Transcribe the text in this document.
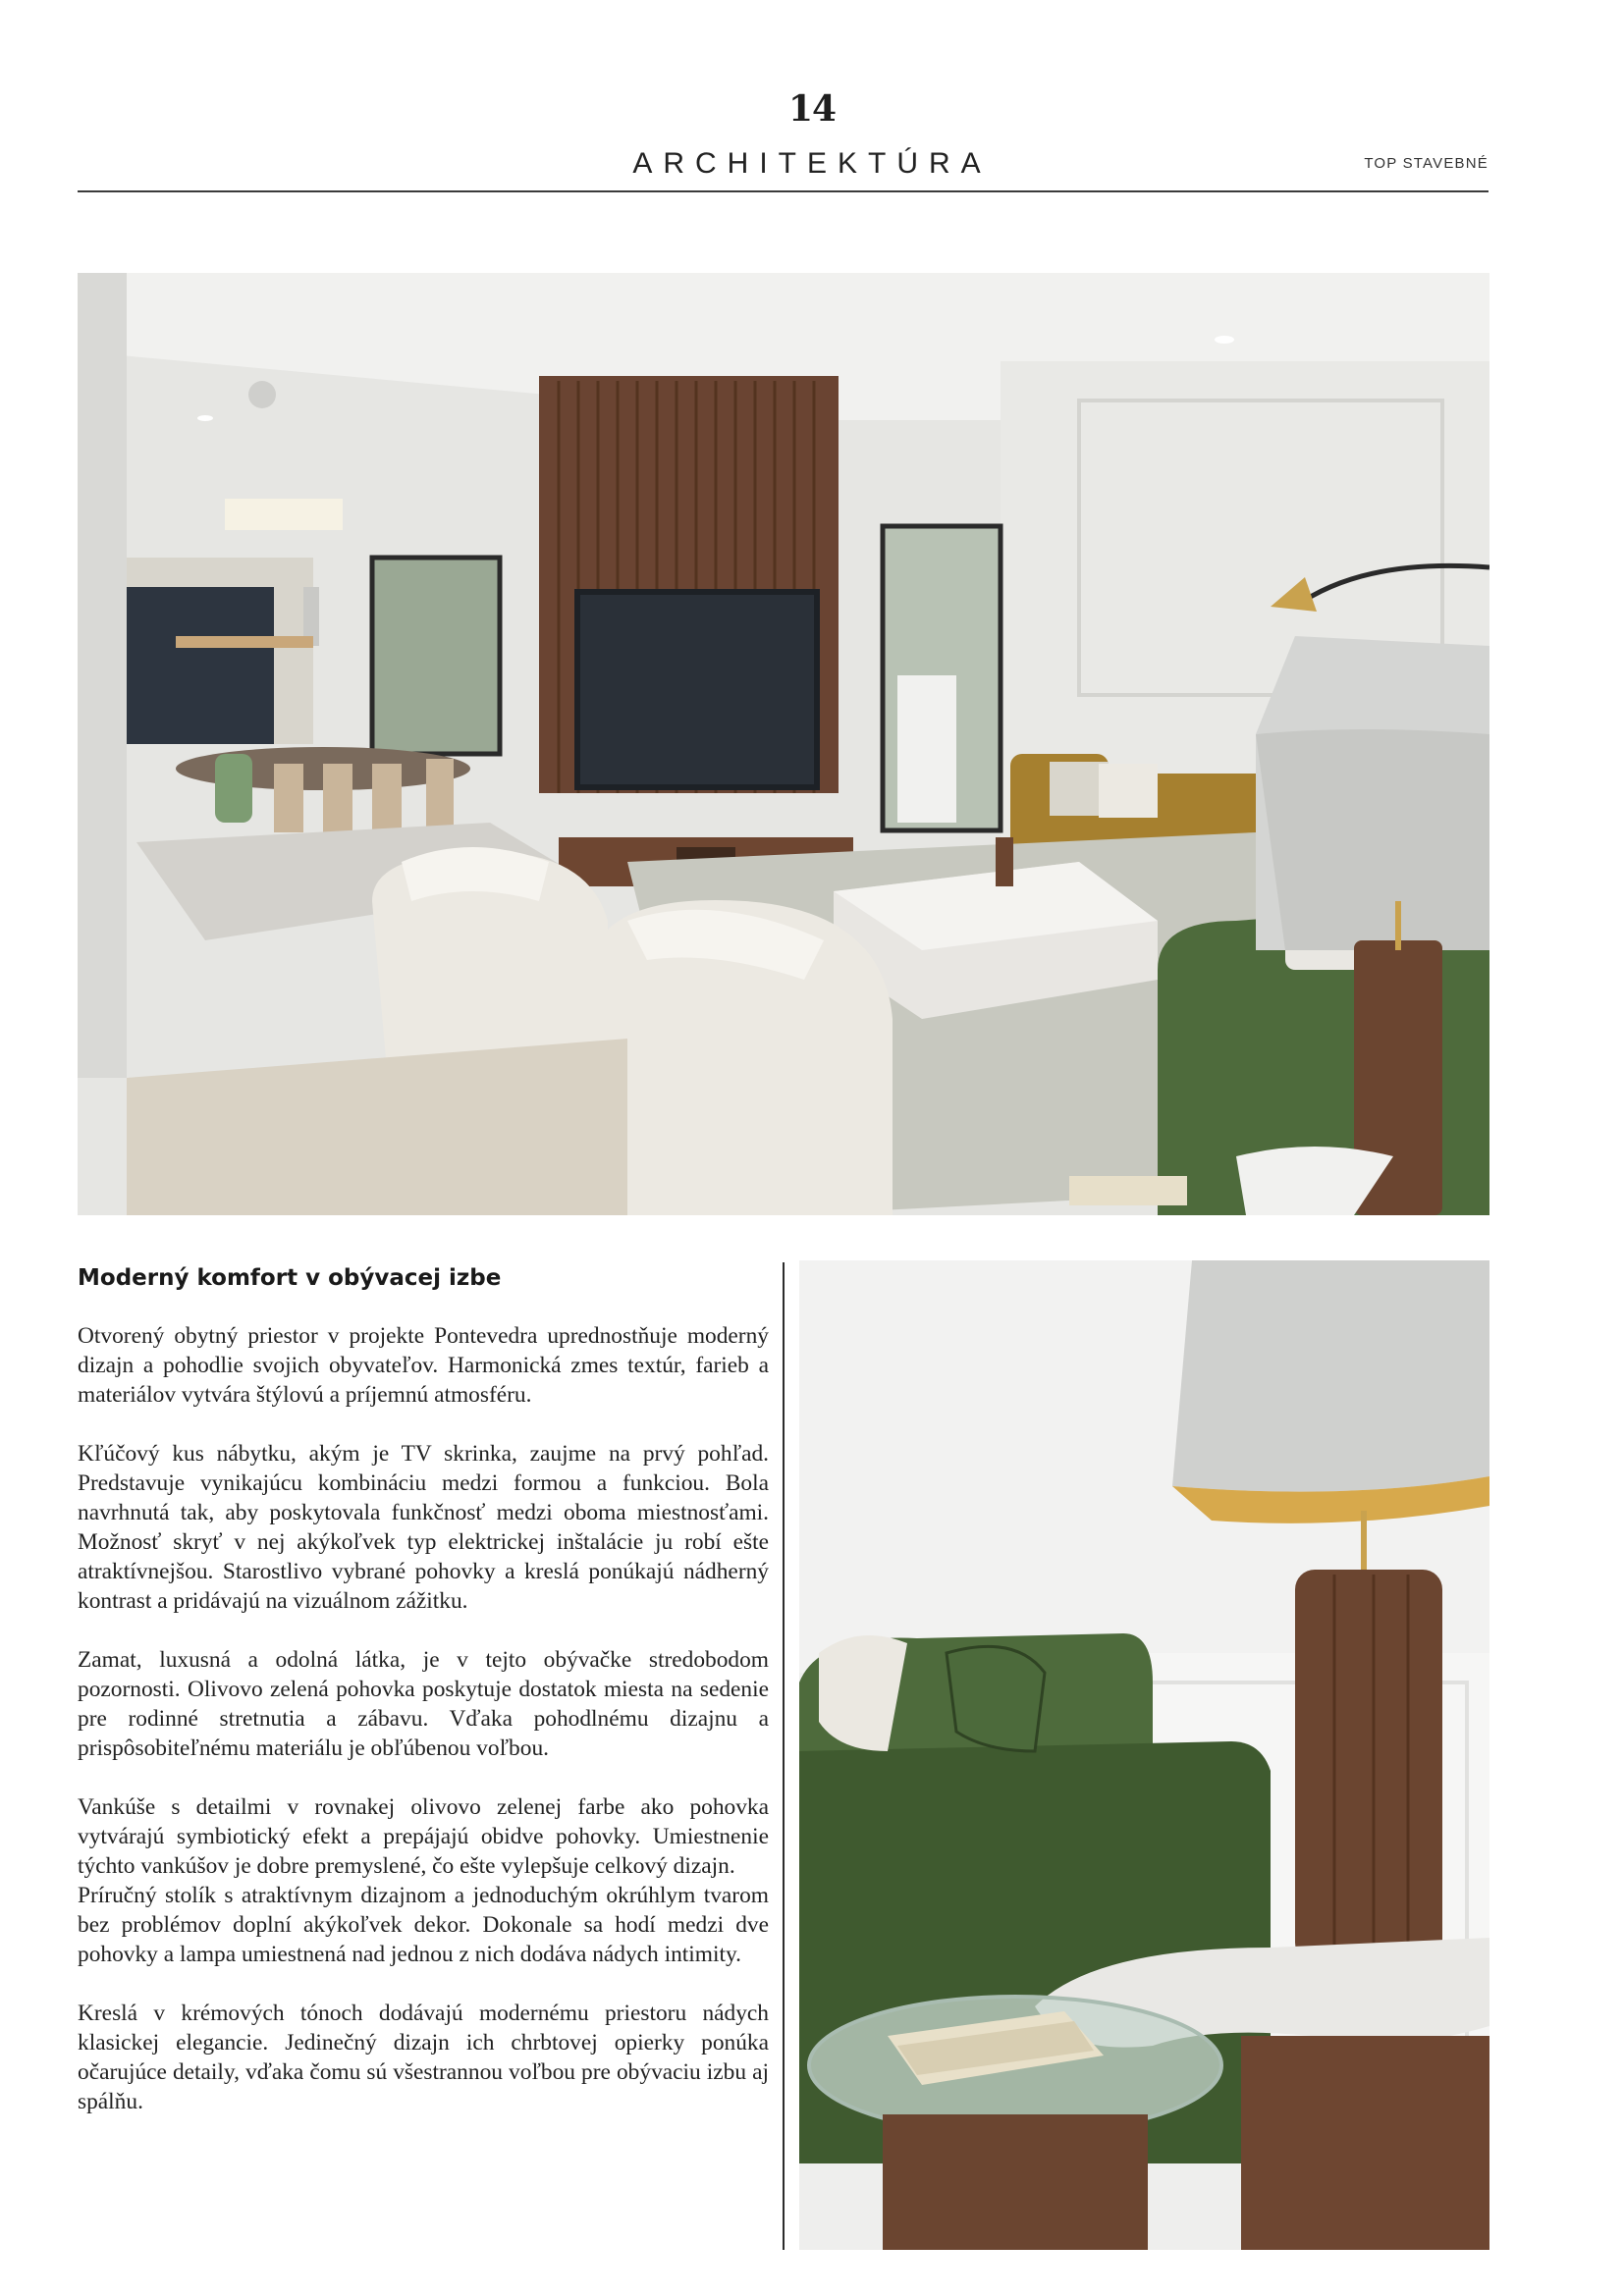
14
ARCHITEKTÚRA	TOP STAVEBNÉ
Moderný komfort v obývacej izbe

Otvorený obytný priestor v projekte Pontevedra uprednostňuje moderný dizajn a pohodlie svojich obyvateľov. Harmonická zmes textúr, farieb a materiálov vytvára štýlovú a príjemnú atmosféru.

Kľúčový kus nábytku, akým je TV skrinka, zaujme na prvý pohľad. Predstavuje vynikajúcu kombináciu medzi formou a funkciou. Bola navrhnutá tak, aby poskytovala funkčnosť medzi oboma miestnosťami. Možnosť skryť v nej akýkoľvek typ elektrickej inštalácie ju robí ešte atraktívnejšou. Starostlivo vybrané pohovky a kreslá ponúkajú nádherný kontrast a pridávajú na vizuálnom zážitku.

Zamat, luxusná a odolná látka, je v tejto obývačke stredobodom pozornosti. Olivovo zelená pohovka poskytuje dostatok miesta na sedenie pre rodinné stretnutia a zábavu. Vďaka pohodlnému dizajnu a prispôsobiteľnému materiálu je obľúbenou voľbou.

Vankúše s detailmi v rovnakej olivovo zelenej farbe ako pohovka vytvárajú symbiotický efekt a prepájajú obidve pohovky. Umiestnenie týchto vankúšov je dobre premyslené, čo ešte vylepšuje celkový dizajn.

Príručný stolík s atraktívnym dizajnom a jednoduchým okrúhlym tvarom bez problémov doplní akýkoľvek dekor. Dokonale sa hodí medzi dve pohovky a lampa umiestnená nad jednou z nich dodáva nádych intimity.

Kreslá v krémových tónoch dodávajú modernému priestoru nádych klasickej elegancie. Jedinečný dizajn ich chrbtovej opierky ponúka očarujúce detaily, vďaka čomu sú všestrannou voľbou pre obývaciu izbu aj spálňu.
